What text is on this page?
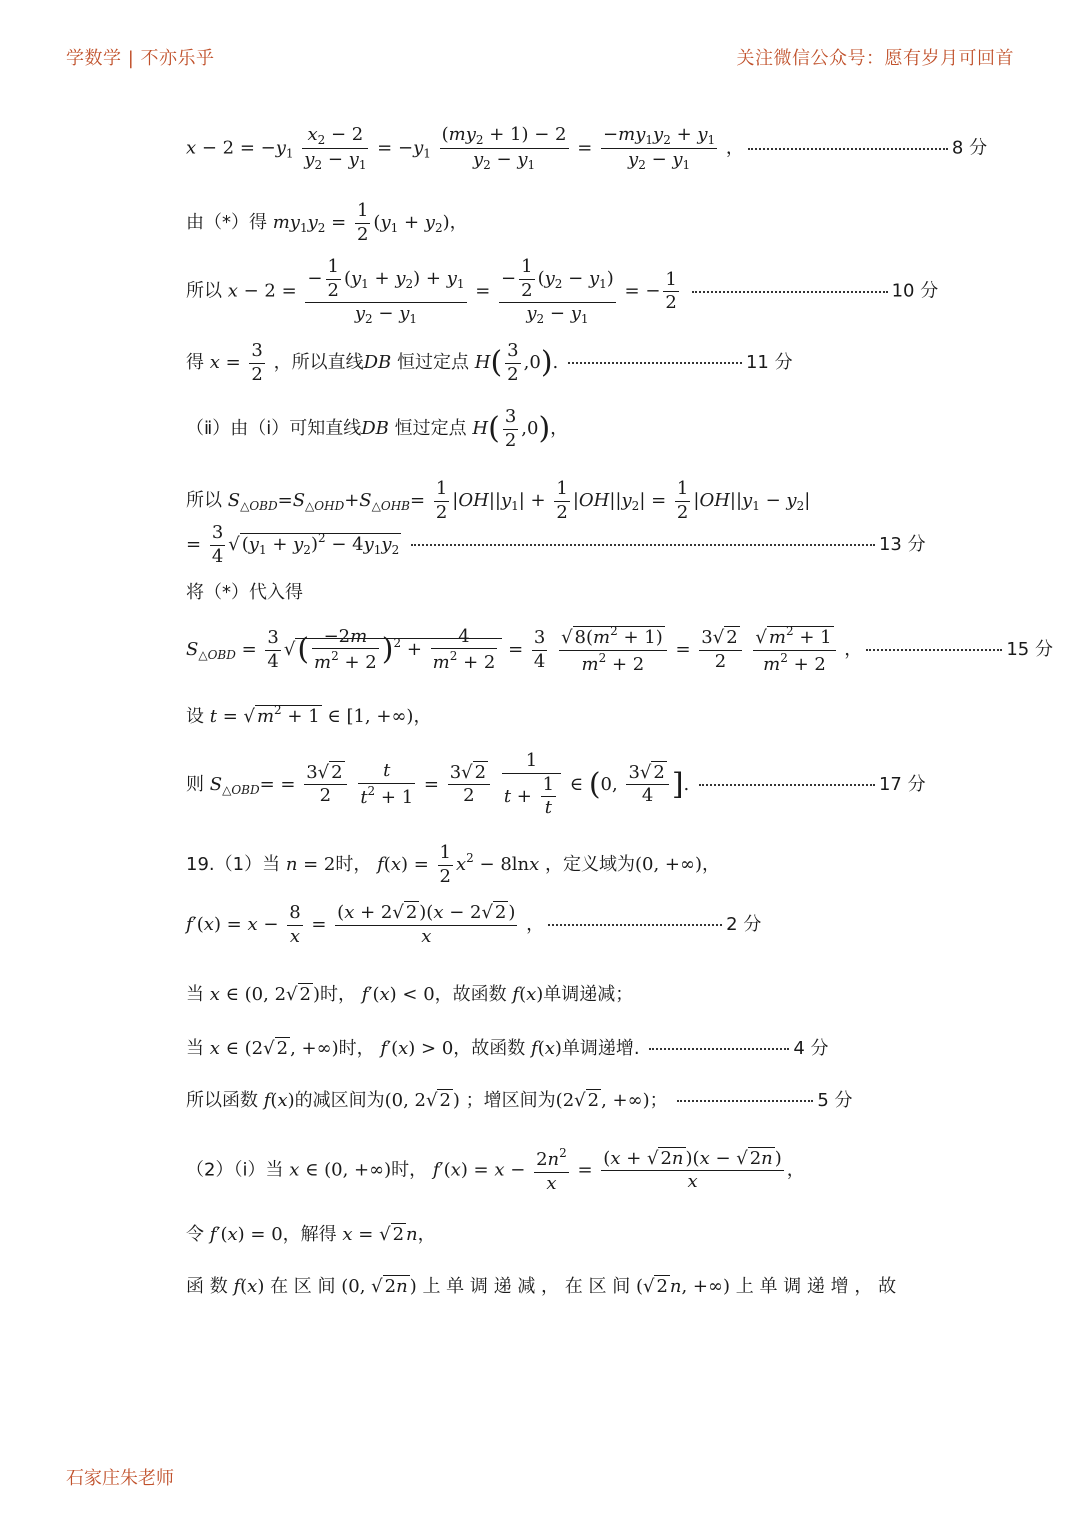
学数学 | 不亦乐乎	关注微信公众号：愿有岁月可回首
$x - 2 = -y_1 \frac{x_2 - 2}{y_2 - y_1} = -y_1 \frac{(my_2 + 1) - 2}{y_2 - y_1} = \frac{-my_1y_2 + y_1}{y_2 - y_1}$ ，	8 分
由（*）得 $my_1y_2 = \frac{1}{2} (y_1 + y_2)$，
所以 $x - 2 = \frac{- \frac{1}{2} (y_1 + y_2) + y_1}{y_2 - y_1} = \frac{- \frac{1}{2} (y_2 - y_1)}{y_2 - y_1}$ = − $\frac{1}{2}$	10 分
得 $x = \frac{3}{2}$ ，所以直线DB 恒过定点 $H( \frac{3}{2} ,0)$.	11 分
（ⅱ）由（ⅰ）可知直线DB 恒过定点 $H( \frac{3}{2} ,0)$，
所以 $S_{\triangle OBD}=S_{\triangle OHD}+S_{\triangle OHB}= \frac{1}{2} |OH||y_1| + \frac{1}{2} |OH||y_2| = \frac{1}{2} |OH||y_1 - y_2|$
= $\frac{3}{4}$ √ $(y_1 + y_2)^2 - 4y_1y_2$	13 分
将（*）代入得
$S_{\triangle OBD} = \frac{3}{4}$ √( $\frac{-2m}{m^2 + 2} )^2 + \frac{4}{m^2 + 2} = \frac{3}{4}$
$\frac{√ 8(m^2 + 1)}{m^2 + 2} = \frac{3√ 2}{2}$
$\frac{√ m^2 + 1}{m^2 + 2}$ ，	15 分
设 t = √ $m^2 + 1$ ∈ [1, +∞)，
则 $S_{\triangle OBD}= = \frac{3√ 2}{2}$
$\frac{t}{t^2 + 1} = \frac{3√ 2}{2}$
$\frac{1}{t + \frac{1}{t}}$ ∈ (0, $\frac{3√ 2}{4}$ ].	17 分
19.（1）当 n = 2时， $f(x) = \frac{1}{2} x^2 - 8\ln x$ ，定义域为(0, +∞)，
$f'(x) = x - \frac{8}{x} = \frac{(x + 2√ 2 )(x - 2√ 2 )}{x}$ ，	2 分
当 x ∈ (0, 2√ 2 )时， f′(x) < 0，故函数 f(x)单调递减；
当 x ∈ (2√ 2 , +∞)时， f′(x) > 0，故函数 f(x)单调递增.	4 分
所以函数 f(x)的减区间为(0, 2√ 2 ) ；增区间为(2√ 2 , +∞)；	5 分
（2）（ⅰ）当 x ∈ (0, +∞)时， $f'(x) = x - \frac{2n^2}{x} = \frac{(x + √ 2n )(x - √ 2n )}{x}$ ，
令 f′(x) = 0，解得 x = √ 2 n，
函 数 f(x) 在 区 间 (0, √ 2n ) 上 单 调 递 减 ， 在 区 间 (√ 2 n, +∞) 上 单 调 递 增 ， 故
石家庄朱老师
